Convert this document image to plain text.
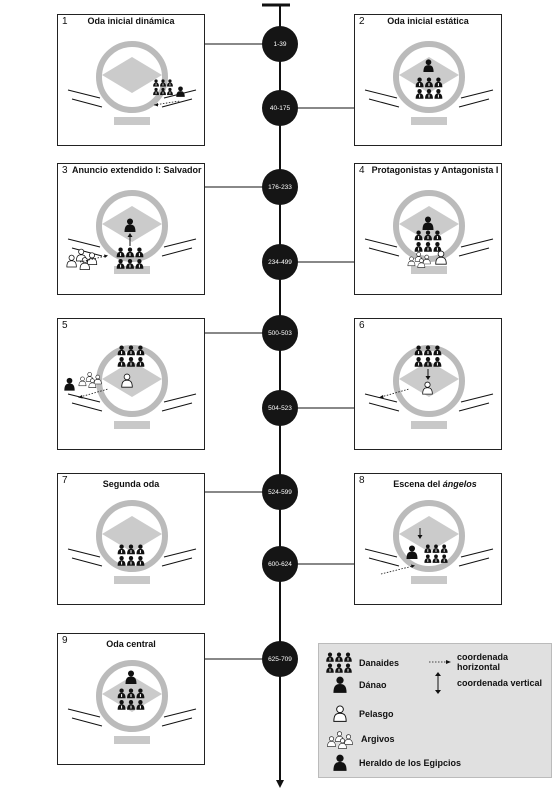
1-39
40-175
176-233
234-499
500-503
504-523
524-599
600-624
625-709
1	Oda inicial dinámica	2	Oda inicial estática
3 Anuncio extendido I: Salvador	4 Protagonistas y Antagonista I
5	6
7	Segunda oda	8	Escena del ángelos
9	Oda central
Danaides
Dánao
Pelasgo
Argivos
Heraldo de los Egipcios
coordenada horizontal
coordenada vertical
